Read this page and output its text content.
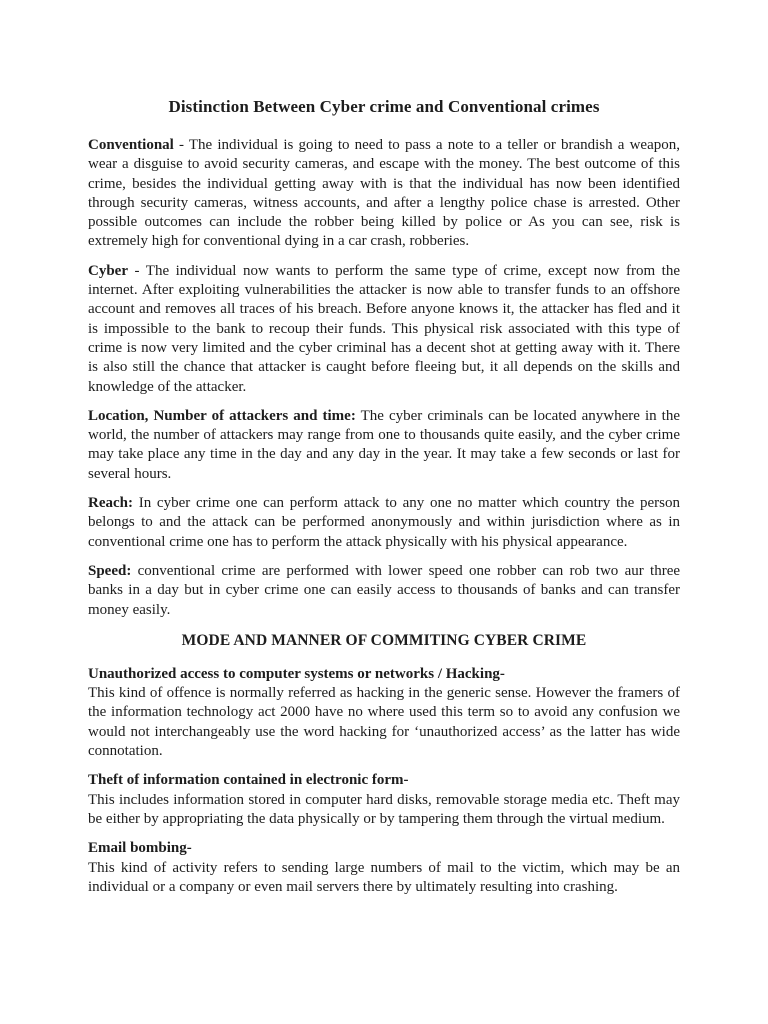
Distinction Between Cyber crime and Conventional crimes

Conventional - The individual is going to need to pass a note to a teller or brandish a weapon, wear a disguise to avoid security cameras, and escape with the money. The best outcome of this crime, besides the individual getting away with is that the individual has now been identified through security cameras, witness accounts, and after a lengthy police chase is arrested. Other possible outcomes can include the robber being killed by police or As you can see, risk is extremely high for conventional dying in a car crash, robberies.

Cyber - The individual now wants to perform the same type of crime, except now from the internet. After exploiting vulnerabilities the attacker is now able to transfer funds to an offshore account and removes all traces of his breach. Before anyone knows it, the attacker has fled and it is impossible to the bank to recoup their funds. This physical risk associated with this type of crime is now very limited and the cyber criminal has a decent shot at getting away with it. There is also still the chance that attacker is caught before fleeing but, it all depends on the skills and knowledge of the attacker.

Location, Number of attackers and time: The cyber criminals can be located anywhere in the world, the number of attackers may range from one to thousands quite easily, and the cyber crime may take place any time in the day and any day in the year. It may take a few seconds or last for several hours.

Reach: In cyber crime one can perform attack to any one no matter which country the person belongs to and the attack can be performed anonymously and within jurisdiction where as in conventional crime one has to perform the attack physically with his physical appearance.

Speed: conventional crime are performed with lower speed one robber can rob two aur three banks in a day but in cyber crime one can easily access to thousands of banks and can transfer money easily.

MODE AND MANNER OF COMMITING CYBER CRIME

Unauthorized access to computer systems or networks / Hacking-

This kind of offence is normally referred as hacking in the generic sense. However the framers of the information technology act 2000 have no where used this term so to avoid any confusion we would not interchangeably use the word hacking for ‘unauthorized access’ as the latter has wide connotation.

Theft of information contained in electronic form-

This includes information stored in computer hard disks, removable storage media etc. Theft may be either by appropriating the data physically or by tampering them through the virtual medium.

Email bombing-

This kind of activity refers to sending large numbers of mail to the victim, which may be an individual or a company or even mail servers there by ultimately resulting into crashing.
